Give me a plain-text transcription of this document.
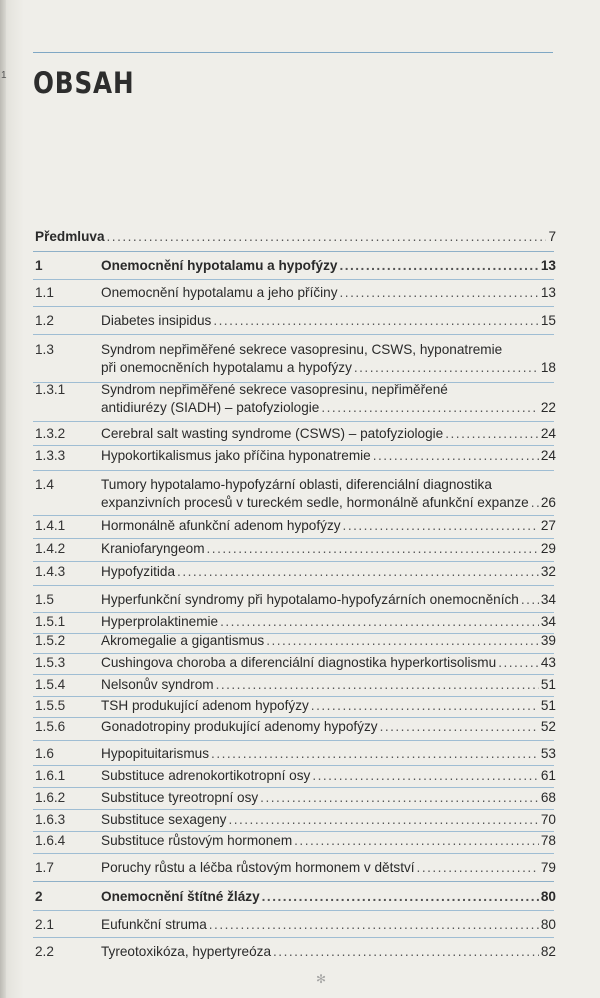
1 OBSAH
Předmluva .....	7
1	Onemocnění hypotalamu a hypofýzy .....	13
1.1	Onemocnění hypotalamu a jeho příčiny .....	13
1.2	Diabetes insipidus .....	15
1.3	Syndrom nepřiměřené sekrece vasopresinu, CSWS, hyponatremie
při onemocněních hypotalamu a hypofýzy .....	18
1.3.1	Syndrom nepřiměřené sekrece vasopresinu, nepřiměřené
antidiurézy (SIADH) – patofyziologie .....	22
1.3.2	Cerebral salt wasting syndrome (CSWS) – patofyziologie .....	24
1.3.3	Hypokortikalismus jako příčina hyponatremie .....	24
1.4	Tumory hypotalamo-hypofyzární oblasti, diferenciální diagnostika
expanzivních procesů v tureckém sedle, hormonálně afunkční expanze ..... 26
1.4.1	Hormonálně afunkční adenom hypofýzy .....	27
1.4.2	Kraniofaryngeom .....	29
1.4.3	Hypofyzitida .....	32
1.5	Hyperfunkční syndromy při hypotalamo-hypofyzárních onemocněních ..... 34
1.5.1	Hyperprolaktinemie .....	34
1.5.2	Akromegalie a gigantismus .....	39
1.5.3	Cushingova choroba a diferenciální diagnostika hyperkortisolismu .....	43
1.5.4	Nelsonův syndrom .....	51
1.5.5	TSH produkující adenom hypofýzy .....	51
1.5.6	Gonadotropiny produkující adenomy hypofýzy .....	52
1.6	Hypopituitarismus .....	53
1.6.1	Substituce adrenokortikotropní osy .....	61
1.6.2	Substituce tyreotropní osy .....	68
1.6.3	Substituce sexageny .....	70
1.6.4	Substituce růstovým hormonem .....	78
1.7	Poruchy růstu a léčba růstovým hormonem v dětství .....	79
2	Onemocnění štítné žlázy .....	80
2.1	Eufunkční struma .....	80
2.2	Tyreotoxikóza, hypertyreóza .....	82
✻
